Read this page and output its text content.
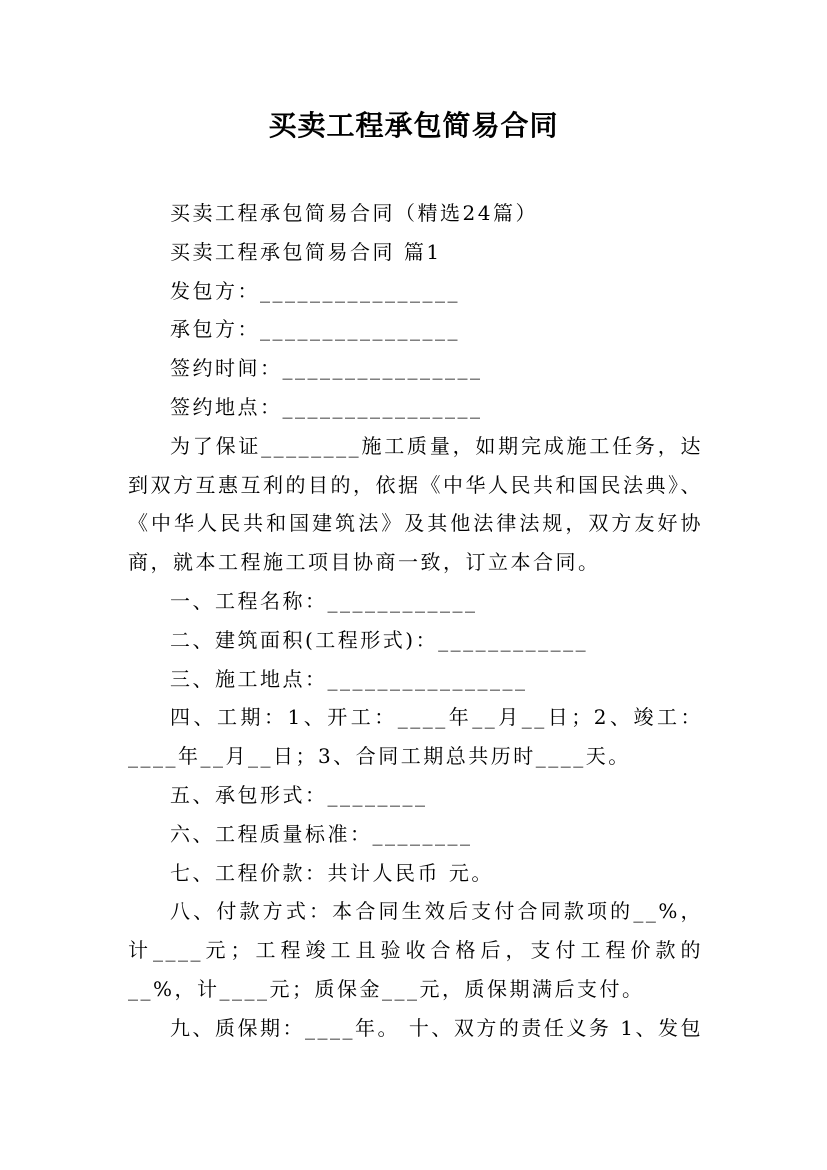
买卖工程承包简易合同

买卖工程承包简易合同（精选24篇）

买卖工程承包简易合同 篇1

发包方：________________

承包方：________________

签约时间：________________

签约地点：________________

为了保证________施工质量，如期完成施工任务，达到双方互惠互利的目的，依据《中华人民共和国民法典》、《中华人民共和国建筑法》及其他法律法规，双方友好协商，就本工程施工项目协商一致，订立本合同。

一、工程名称：____________

二、建筑面积(工程形式)：____________

三、施工地点：________________

四、工期：1、开工：____年__月__日；2、竣工：____年__月__日；3、合同工期总共历时____天。

五、承包形式：________

六、工程质量标准：________

七、工程价款：共计人民币 元。

八、付款方式：本合同生效后支付合同款项的__%，计____元；工程竣工且验收合格后，支付工程价款的__%，计____元；质保金___元，质保期满后支付。

九、质保期：____年。 十、双方的责任义务 1、发包
